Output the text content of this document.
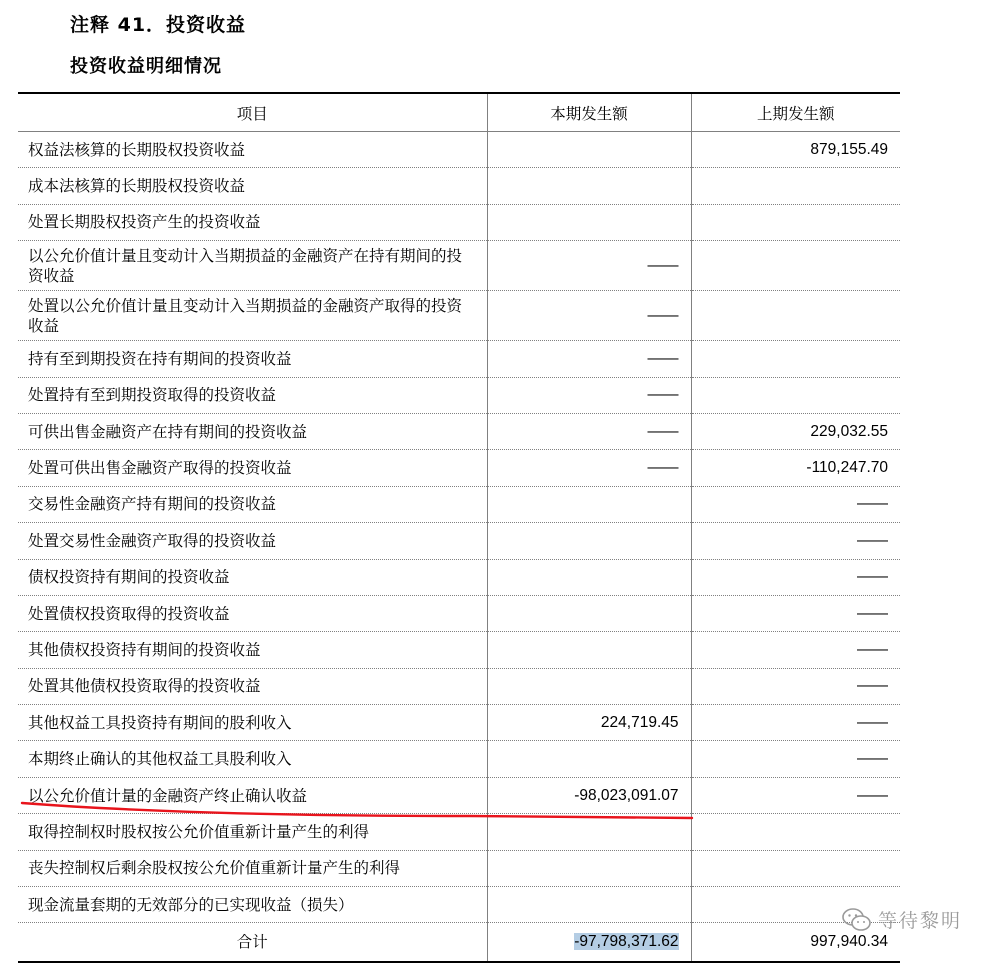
注释 41．投资收益
投资收益明细情况
项目	本期发生额	上期发生额
权益法核算的长期股权投资收益		879,155.49
成本法核算的长期股权投资收益		
处置长期股权投资产生的投资收益		
以公允价值计量且变动计入当期损益的金融资产在持有期间的投资收益	——	
处置以公允价值计量且变动计入当期损益的金融资产取得的投资收益	——	
持有至到期投资在持有期间的投资收益	——	
处置持有至到期投资取得的投资收益	——	
可供出售金融资产在持有期间的投资收益	——	229,032.55
处置可供出售金融资产取得的投资收益	——	-110,247.70
交易性金融资产持有期间的投资收益		——
处置交易性金融资产取得的投资收益		——
债权投资持有期间的投资收益		——
处置债权投资取得的投资收益		——
其他债权投资持有期间的投资收益		——
处置其他债权投资取得的投资收益		——
其他权益工具投资持有期间的股利收入	224,719.45	——
本期终止确认的其他权益工具股利收入		——
以公允价值计量的金融资产终止确认收益	-98,023,091.07	——
取得控制权时股权按公允价值重新计量产生的利得		
丧失控制权后剩余股权按公允价值重新计量产生的利得		
现金流量套期的无效部分的已实现收益（损失）		
合计	-97,798,371.62	997,940.34
等待黎明
